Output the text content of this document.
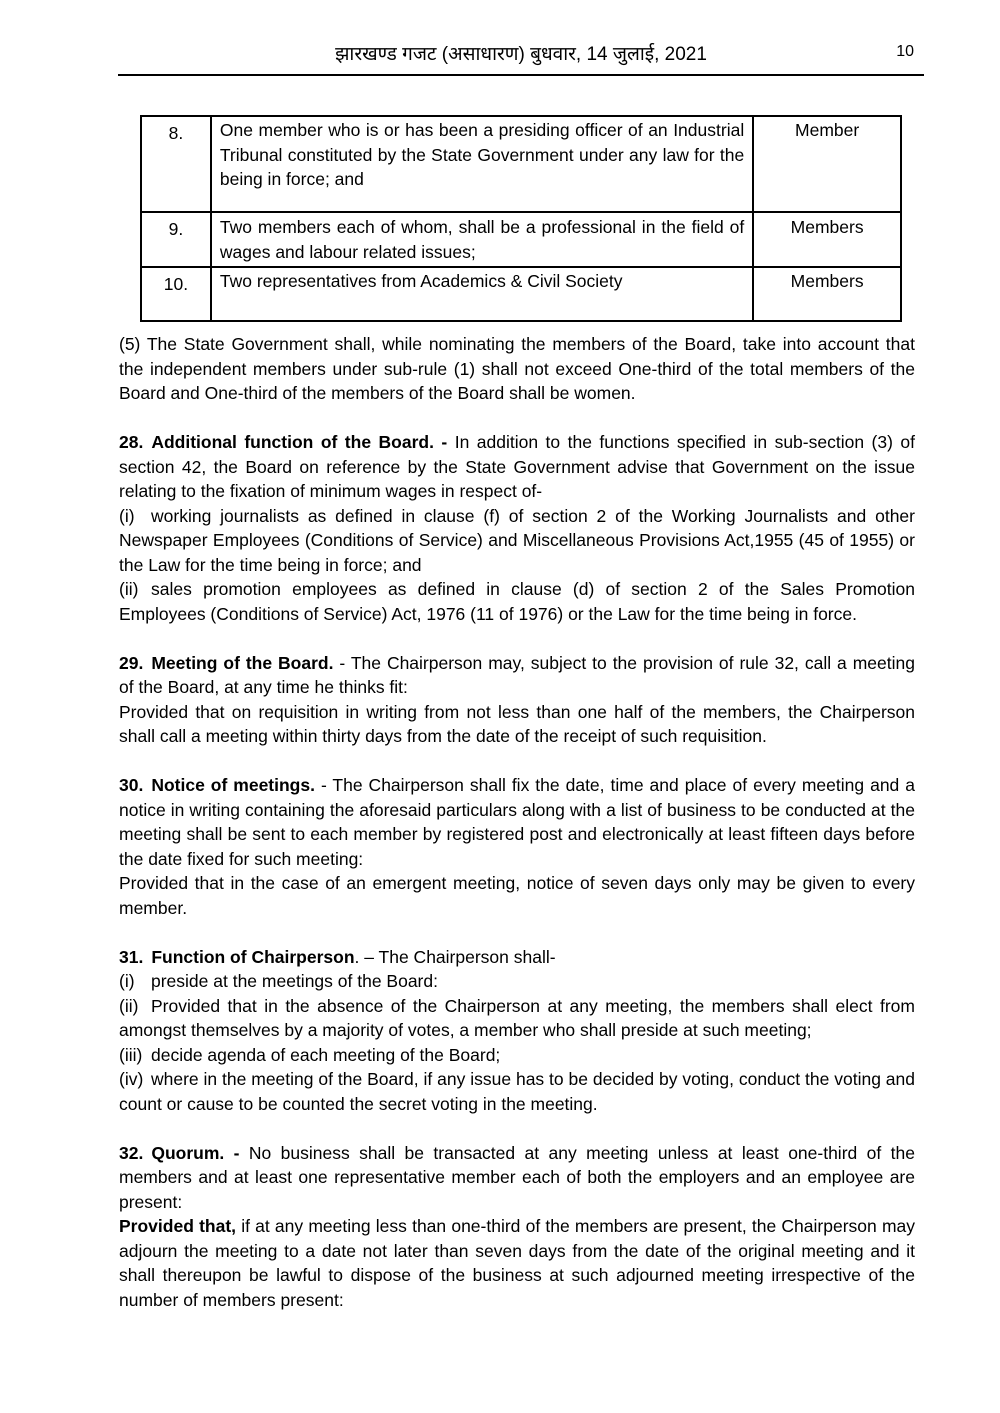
झारखण्ड गजट (असाधारण) बुधवार, 14 जुलाई, 2021	10
8.	One member who is or has been a presiding officer of an Industrial Tribunal constituted by the State Government under any law for the being in force; and	Member
9.	Two members each of whom, shall be a professional in the field of wages and labour related issues;	Members
10.	Two representatives from Academics & Civil Society	Members

(5) The State Government shall, while nominating the members of the Board, take into account that the independent members under sub-rule (1) shall not exceed One-third of the total members of the Board and One-third of the members of the Board shall be women.

28. Additional function of the Board. - In addition to the functions specified in sub-section (3) of section 42, the Board on reference by the State Government advise that Government on the issue relating to the fixation of minimum wages in respect of-

(i) working journalists as defined in clause (f) of section 2 of the Working Journalists and other Newspaper Employees (Conditions of Service) and Miscellaneous Provisions Act,1955 (45 of 1955) or the Law for the time being in force; and

(ii) sales promotion employees as defined in clause (d) of section 2 of the Sales Promotion Employees (Conditions of Service) Act, 1976 (11 of 1976) or the Law for the time being in force.

29. Meeting of the Board. - The Chairperson may, subject to the provision of rule 32, call a meeting of the Board, at any time he thinks fit:

Provided that on requisition in writing from not less than one half of the members, the Chairperson shall call a meeting within thirty days from the date of the receipt of such requisition.

30. Notice of meetings. - The Chairperson shall fix the date, time and place of every meeting and a notice in writing containing the aforesaid particulars along with a list of business to be conducted at the meeting shall be sent to each member by registered post and electronically at least fifteen days before the date fixed for such meeting:

Provided that in the case of an emergent meeting, notice of seven days only may be given to every member.

31. Function of Chairperson. – The Chairperson shall-

(i) preside at the meetings of the Board:

(ii) Provided that in the absence of the Chairperson at any meeting, the members shall elect from amongst themselves by a majority of votes, a member who shall preside at such meeting;

(iii) decide agenda of each meeting of the Board;

(iv) where in the meeting of the Board, if any issue has to be decided by voting, conduct the voting and count or cause to be counted the secret voting in the meeting.

32. Quorum. - No business shall be transacted at any meeting unless at least one-third of the members and at least one representative member each of both the employers and an employee are present:

Provided that, if at any meeting less than one-third of the members are present, the Chairperson may adjourn the meeting to a date not later than seven days from the date of the original meeting and it shall thereupon be lawful to dispose of the business at such adjourned meeting irrespective of the number of members present:
